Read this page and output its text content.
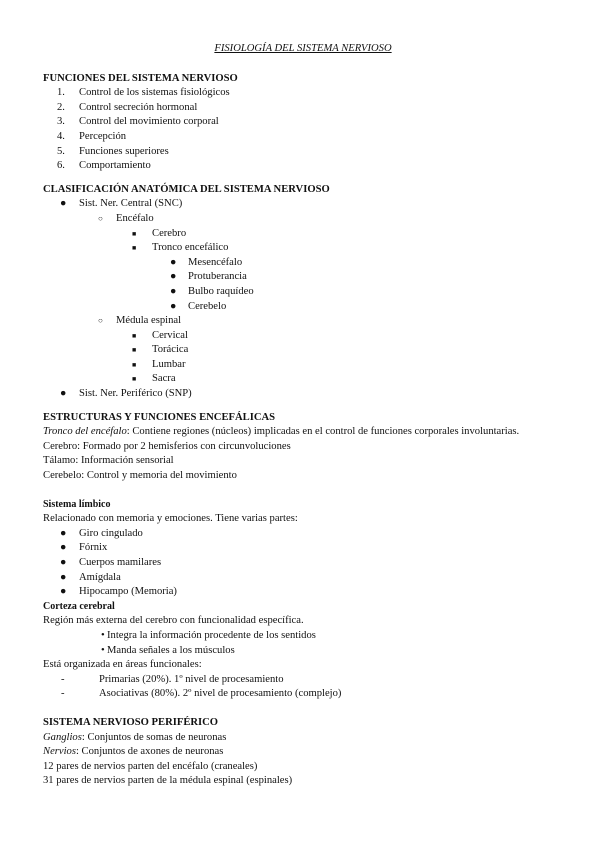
FISIOLOGÍA DEL SISTEMA NERVIOSO
FUNCIONES DEL SISTEMA NERVIOSO
1. Control de los sistemas fisiológicos
2. Control secreción hormonal
3. Control del movimiento corporal
4. Percepción
5. Funciones superiores
6. Comportamiento
CLASIFICACIÓN ANATÓMICA DEL SISTEMA NERVIOSO
● Sist. Ner. Central (SNC)
○ Encéfalo
■ Cerebro
■ Tronco encefálico
● Mesencéfalo
● Protuberancia
● Bulbo raquídeo
● Cerebelo
○ Médula espinal
■ Cervical
■ Torácica
■ Lumbar
■ Sacra
● Sist. Ner. Periférico (SNP)
ESTRUCTURAS Y FUNCIONES ENCEFÁLICAS
Tronco del encéfalo: Contiene regiones (núcleos) implicadas en el control de funciones corporales involuntarias.
Cerebro: Formado por 2 hemisferios con circunvoluciones
Tálamo: Información sensorial
Cerebelo: Control y memoria del movimiento
Sistema límbico
Relacionado con memoria y emociones. Tiene varias partes:
● Giro cingulado
● Fórnix
● Cuerpos mamilares
● Amígdala
● Hipocampo (Memoria)
Corteza cerebral
Región más externa del cerebro con funcionalidad específica.
• Integra la información procedente de los sentidos
• Manda señales a los músculos
Está organizada en áreas funcionales:
-	Primarias (20%). 1º nivel de procesamiento
-	Asociativas (80%). 2º nivel de procesamiento (complejo)
SISTEMA NERVIOSO PERIFÉRICO
Ganglios: Conjuntos de somas de neuronas
Nervios: Conjuntos de axones de neuronas
12 pares de nervios parten del encéfalo (craneales)
31 pares de nervios parten de la médula espinal (espinales)
